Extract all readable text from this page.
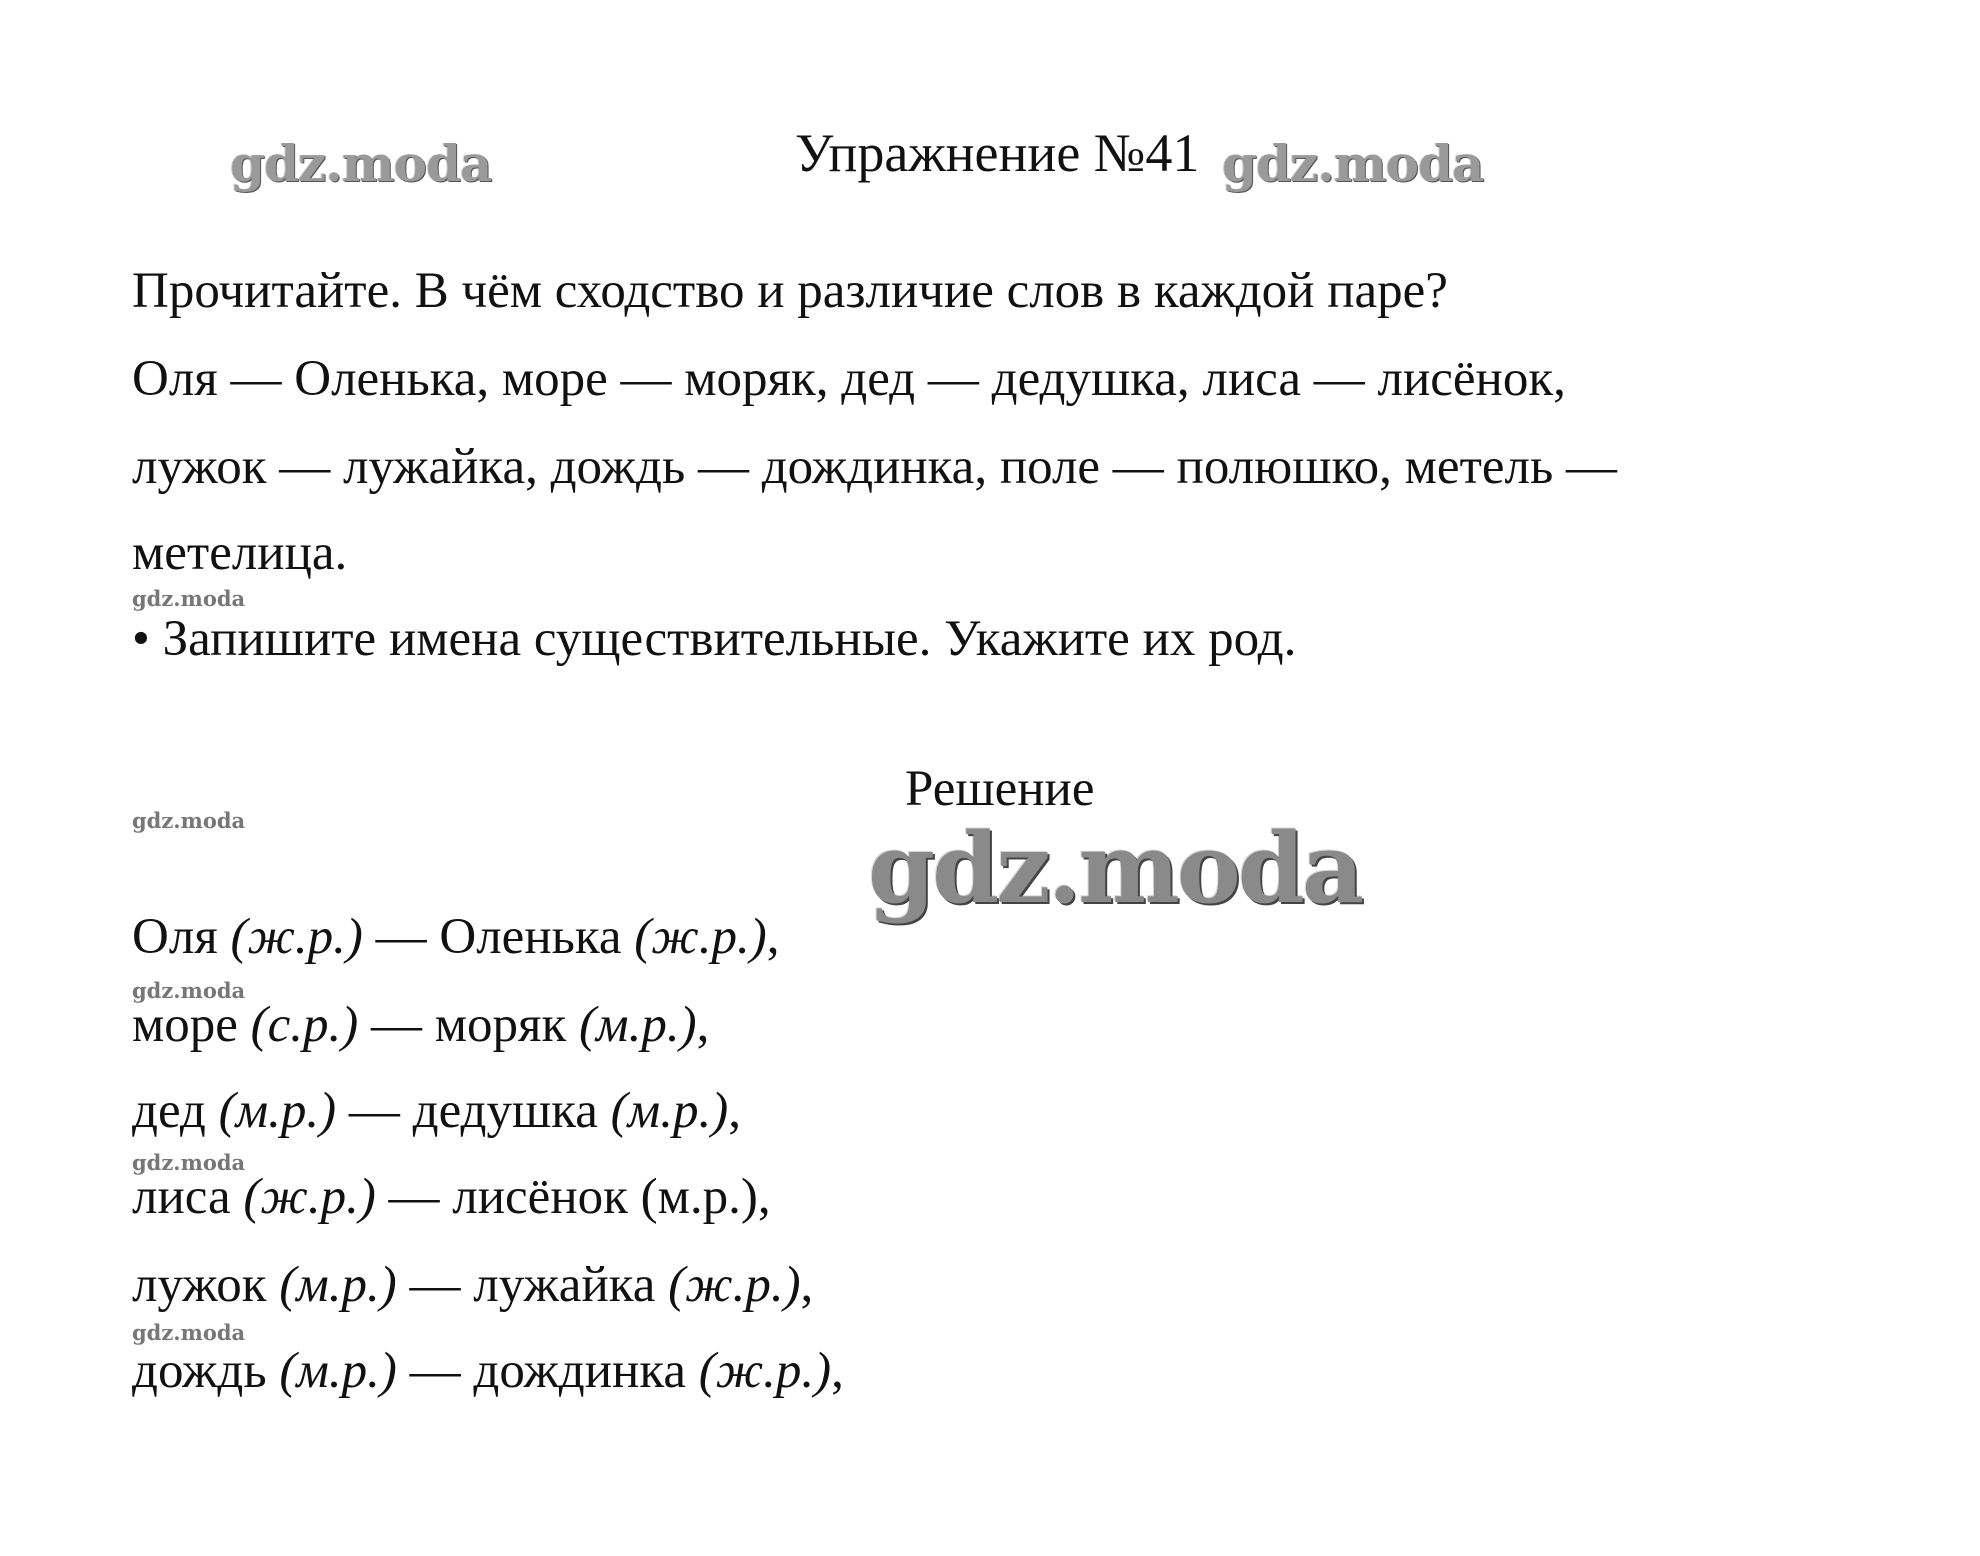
gdz.moda	gdz.moda
gdz.moda
gdz.moda
gdz.moda
gdz.moda
gdz.moda
Упражнение №41
Прочитайте. В чём сходство и различие слов в каждой паре?
Оля — Оленька, море — моряк, дед — дедушка, лиса — лисёнок,
лужок — лужайка, дождь — дождинка, поле — полюшко, метель —
метелица.
• Запишите имена существительные. Укажите их род.
Решение
gdz.moda
Оля (ж.р.) — Оленька (ж.р.),
море (с.р.) — моряк (м.р.),
дед (м.р.) — дедушка (м.р.),
лиса (ж.р.) — лисёнок (м.р.),
лужок (м.р.) — лужайка (ж.р.),
дождь (м.р.) — дождинка (ж.р.),
